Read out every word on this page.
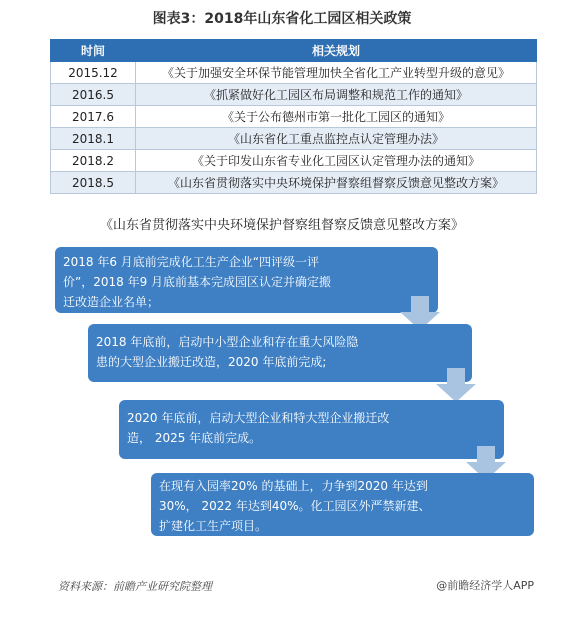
图表3：2018年山东省化工园区相关政策
时间	相关规划
2015.12	《关于加强安全环保节能管理加快全省化工产业转型升级的意见》
2016.5	《抓紧做好化工园区布局调整和规范工作的通知》
2017.6	《关于公布德州市第一批化工园区的通知》
2018.1	《山东省化工重点监控点认定管理办法》
2018.2	《关于印发山东省专业化工园区认定管理办法的通知》
2018.5	《山东省贯彻落实中央环境保护督察组督察反馈意见整改方案》
《山东省贯彻落实中央环境保护督察组督察反馈意见整改方案》
2018 年6 月底前完成化工生产企业“四评级一评
价”，2018 年9 月底前基本完成园区认定并确定搬
迁改造企业名单；
2018 年底前，启动中小型企业和存在重大风险隐
患的大型企业搬迁改造，2020 年底前完成;
2020 年底前，启动大型企业和特大型企业搬迁改
造， 2025 年底前完成。
在现有入园率20% 的基础上，力争到2020 年达到
30%， 2022 年达到40%。化工园区外严禁新建、
扩建化工生产项目。
资料来源：前瞻产业研究院整理	@前瞻经济学人APP
